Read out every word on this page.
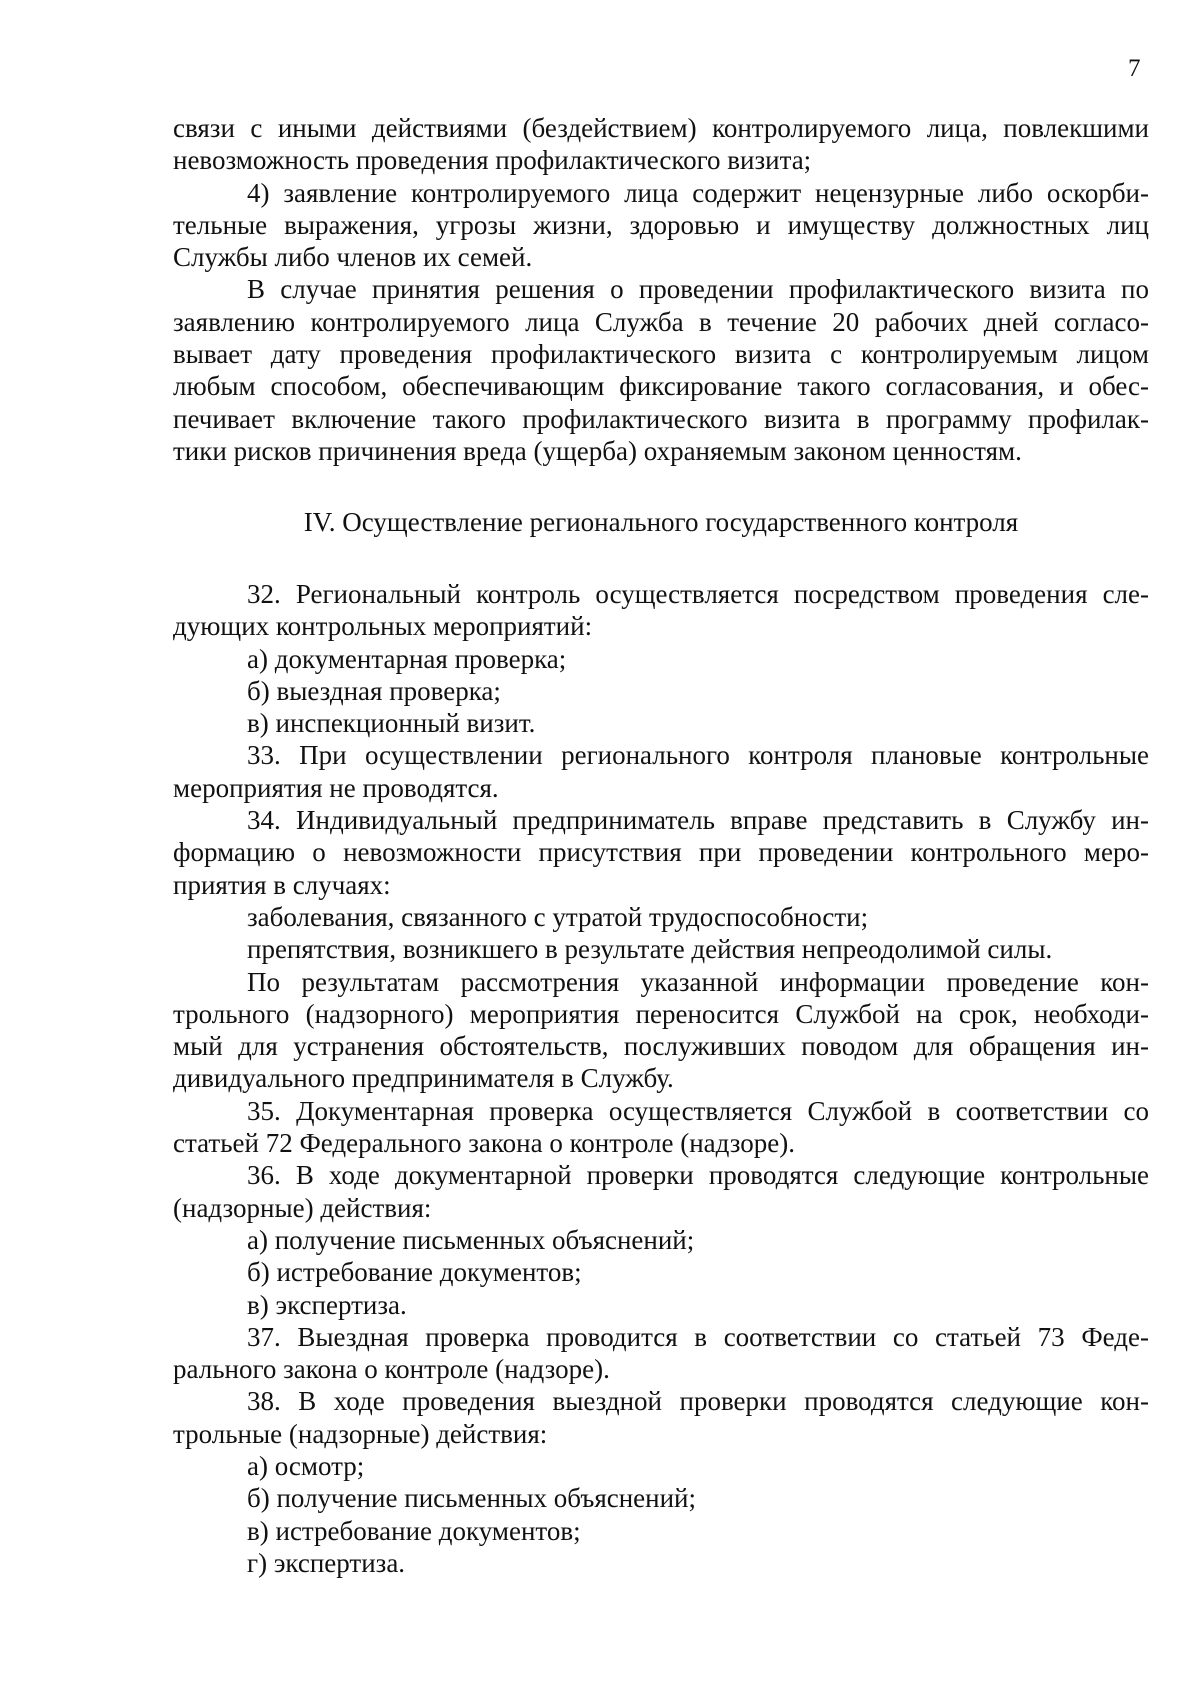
7
связи с иными действиями (бездействием) контролируемого лица, повлекшими
невозможность проведения профилактического визита;
4) заявление контролируемого лица содержит нецензурные либо оскорби-
тельные выражения, угрозы жизни, здоровью и имуществу должностных лиц
Службы либо членов их семей.
В случае принятия решения о проведении профилактического визита по
заявлению контролируемого лица Служба в течение 20 рабочих дней согласо-
вывает дату проведения профилактического визита с контролируемым лицом
любым способом, обеспечивающим фиксирование такого согласования, и обес-
печивает включение такого профилактического визита в программу профилак-
тики рисков причинения вреда (ущерба) охраняемым законом ценностям.
IV. Осуществление регионального государственного контроля
32. Региональный контроль осуществляется посредством проведения сле-
дующих контрольных мероприятий:
а) документарная проверка;
б) выездная проверка;
в) инспекционный визит.
33. При осуществлении регионального контроля плановые контрольные
мероприятия не проводятся.
34. Индивидуальный предприниматель вправе представить в Службу ин-
формацию о невозможности присутствия при проведении контрольного меро-
приятия в случаях:
заболевания, связанного с утратой трудоспособности;
препятствия, возникшего в результате действия непреодолимой силы.
По результатам рассмотрения указанной информации проведение кон-
трольного (надзорного) мероприятия переносится Службой на срок, необходи-
мый для устранения обстоятельств, послуживших поводом для обращения ин-
дивидуального предпринимателя в Службу.
35. Документарная проверка осуществляется Службой в соответствии со
статьей 72 Федерального закона о контроле (надзоре).
36. В ходе документарной проверки проводятся следующие контрольные
(надзорные) действия:
а) получение письменных объяснений;
б) истребование документов;
в) экспертиза.
37. Выездная проверка проводится в соответствии со статьей 73 Феде-
рального закона о контроле (надзоре).
38. В ходе проведения выездной проверки проводятся следующие кон-
трольные (надзорные) действия:
а) осмотр;
б) получение письменных объяснений;
в) истребование документов;
г) экспертиза.
